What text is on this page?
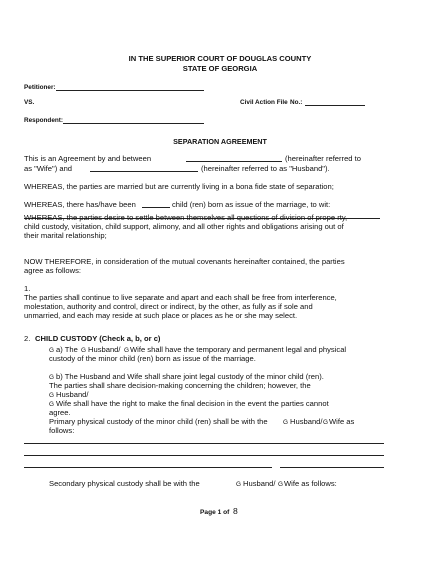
IN THE SUPERIOR COURT OF DOUGLAS COUNTY
STATE OF GEORGIA
Petitioner:
VS.	Civil Action File No.:
Respondent:
SEPARATION AGREEMENT
This is an Agreement by and between	(hereinafter referred to
as "Wife") and	(hereinafter referred to as "Husband").
WHEREAS, the parties are married but are currently living in a bona fide state of separation;
WHEREAS, there has/have been	child (ren) born as issue of the marriage, to wit:
WHEREAS, the parties desire to settle between themselves all questions of division of prope rty,
child custody, visitation, child support, alimony, and all other rights and obligations arising out of
their marital relationship;
NOW THEREFORE, in consideration of the mutual covenants hereinafter contained, the parties
agree as follows:
1.
The parties shall continue to live separate and apart and each shall be free from interference,
molestation, authority and control, direct or indirect, by the other, as fully as if sole and
unmarried, and each may reside at such place or places as he or she may select.
2. CHILD CUSTODY (Check a, b, or c)
G a) The G Husband/ G Wife shall have the temporary and permanent legal and physical
custody of the minor child (ren) born as issue of the marriage.
G b) The Husband and Wife shall share joint legal custody of the minor child (ren).
The parties shall share decision-making concerning the children; however, the
G Husband/
G Wife shall have the right to make the final decision in the event the parties cannot
agree.
Primary physical custody of the minor child (ren) shall be with the G Husband/ G Wife as
follows:
Secondary physical custody shall be with the	G Husband/ G Wife as follows:
Page 1 of 8
